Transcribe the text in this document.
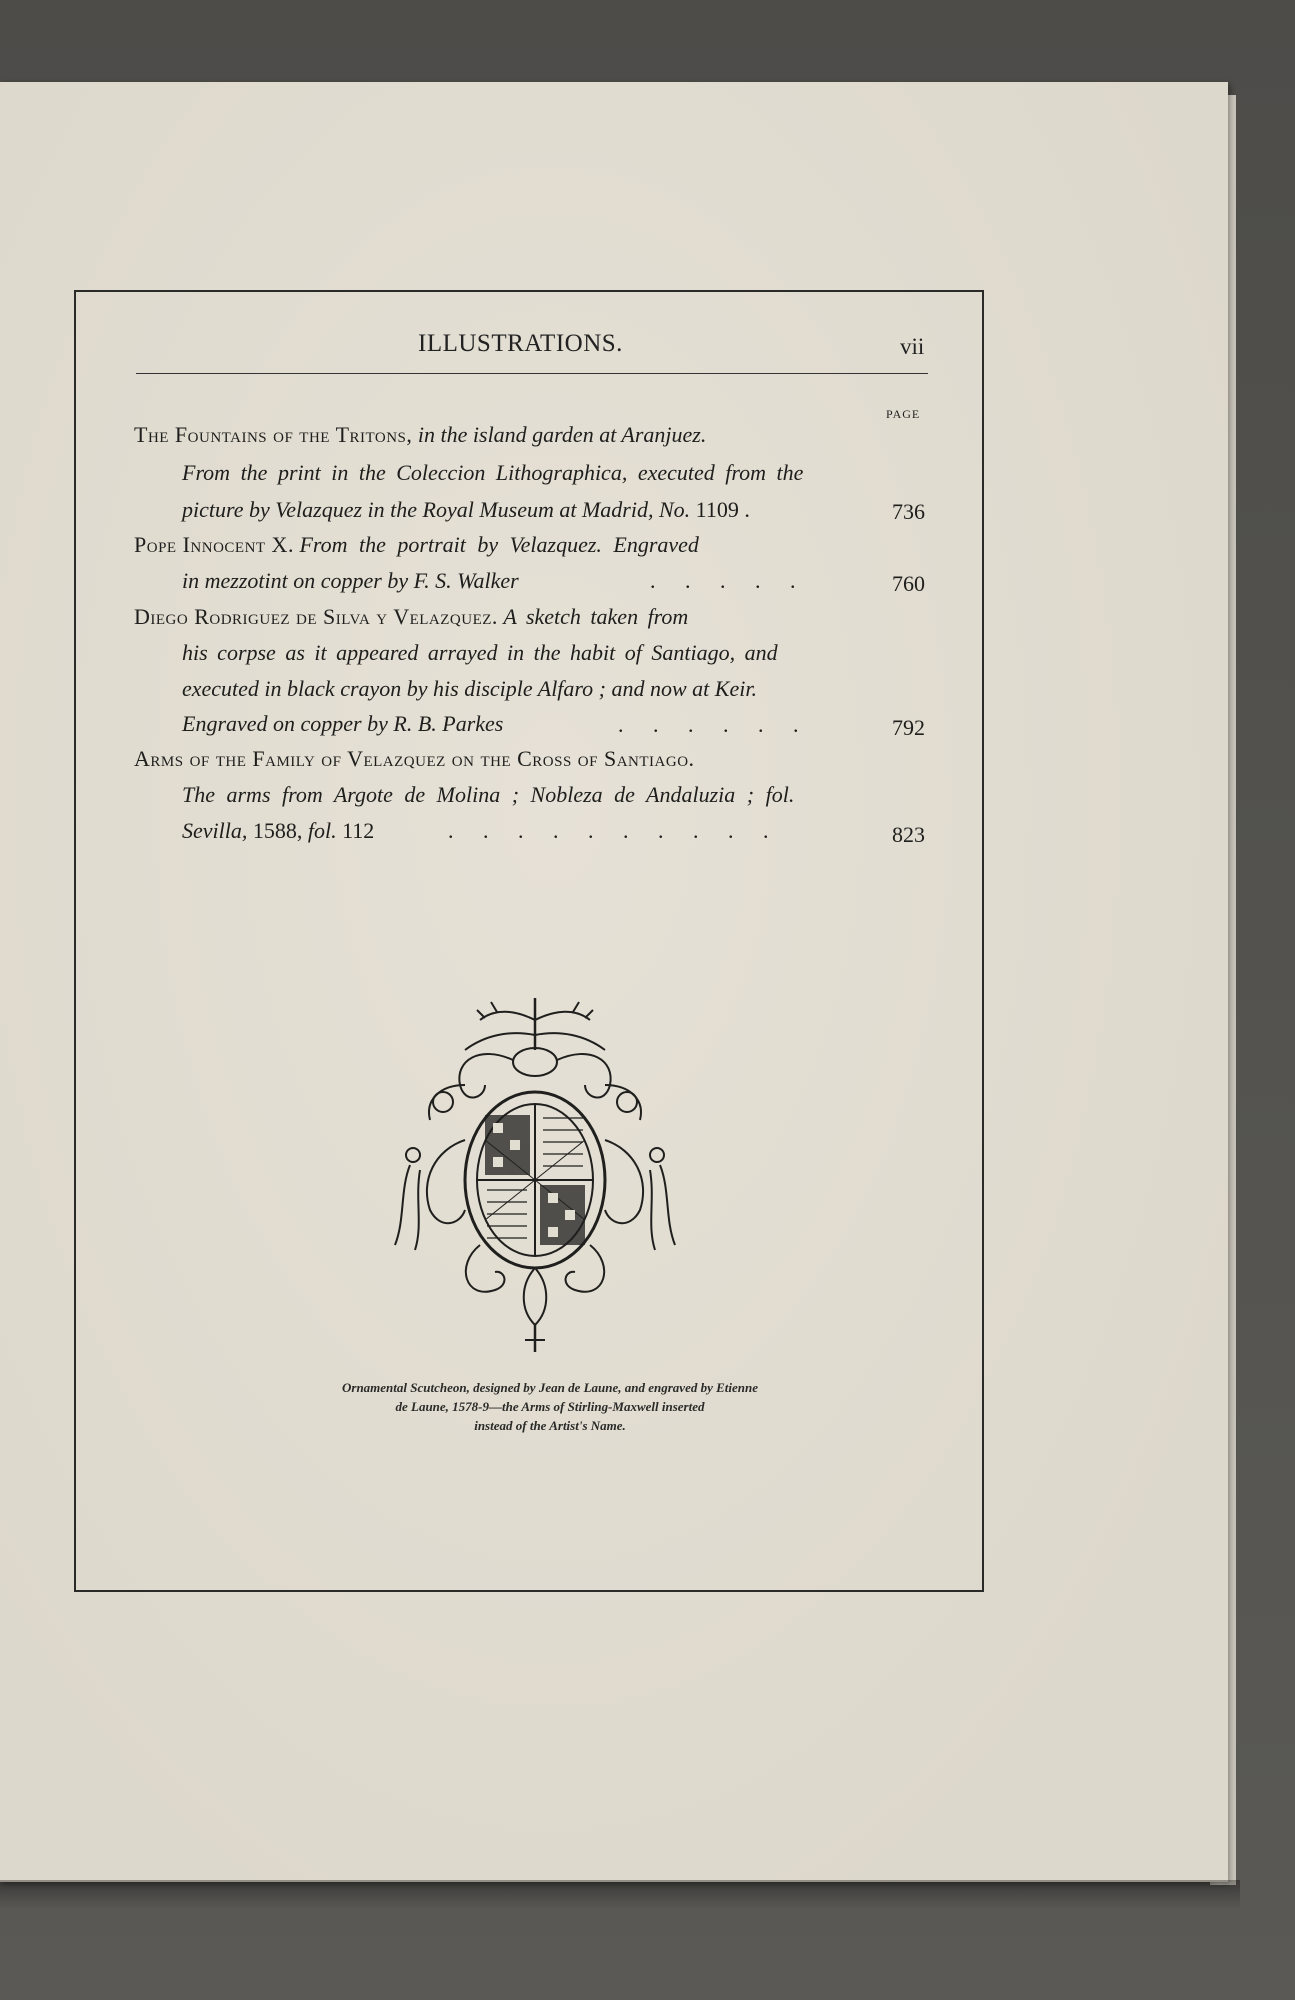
ILLUSTRATIONS.	vii
PAGE
The Fountains of the Tritons, in the island garden at Aranjuez.
From the print in the Coleccion Lithographica, executed from the
picture by Velazquez in the Royal Museum at Madrid, No. 1109 .	736
Pope Innocent X. From the portrait by Velazquez. Engraved
in mezzotint on copper by F. S. Walker	. . . . .	760
Diego Rodriguez de Silva y Velazquez. A sketch taken from
his corpse as it appeared arrayed in the habit of Santiago, and
executed in black crayon by his disciple Alfaro ; and now at Keir.
Engraved on copper by R. B. Parkes	. . . . . .	792
Arms of the Family of Velazquez on the Cross of Santiago.
The arms from Argote de Molina ; Nobleza de Andaluzia ; fol.
Sevilla, 1588, fol. 112	. . . . . . . . . .	823
Ornamental Scutcheon, designed by Jean de Laune, and engraved by Etienne
de Laune, 1578-9—the Arms of Stirling-Maxwell inserted
instead of the Artist's Name.
